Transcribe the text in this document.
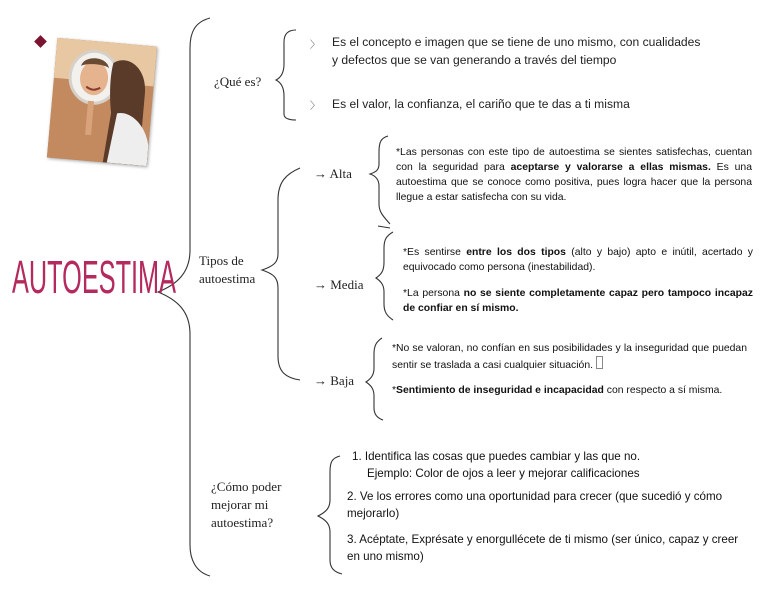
AUTOESTIMA
¿Qué es?
〉
〉
Es el concepto e imagen que se tiene de uno mismo, con cualidades y defectos que se van generando a través del tiempo
Es el valor, la confianza, el cariño que te das a ti misma
Tipos de autoestima
→ Alta
*Las personas con este tipo de autoestima se sientes satisfechas, cuentan con la seguridad para aceptarse y valorarse a ellas mismas. Es una autoestima que se conoce como positiva, pues logra hacer que la persona llegue a estar satisfecha con su vida.
→ Media
*Es sentirse entre los dos tipos (alto y bajo) apto e inútil, acertado y equivocado como persona (inestabilidad).
*La persona no se siente completamente capaz pero tampoco incapaz de confiar en sí mismo.
→ Baja
*No se valoran, no confían en sus posibilidades y la inseguridad que puedan sentir se traslada a casi cualquier situación.
*Sentimiento de inseguridad e incapacidad con respecto a sí misma.
¿Cómo poder mejorar mi autoestima?
1. Identifica las cosas que puedes cambiar y las que no.
Ejemplo: Color de ojos a leer y mejorar calificaciones
2. Ve los errores como una oportunidad para crecer (que sucedió y cómo mejorarlo)
3. Acéptate, Exprésate y enorgullécete de ti mismo (ser único, capaz y creer en uno mismo)
